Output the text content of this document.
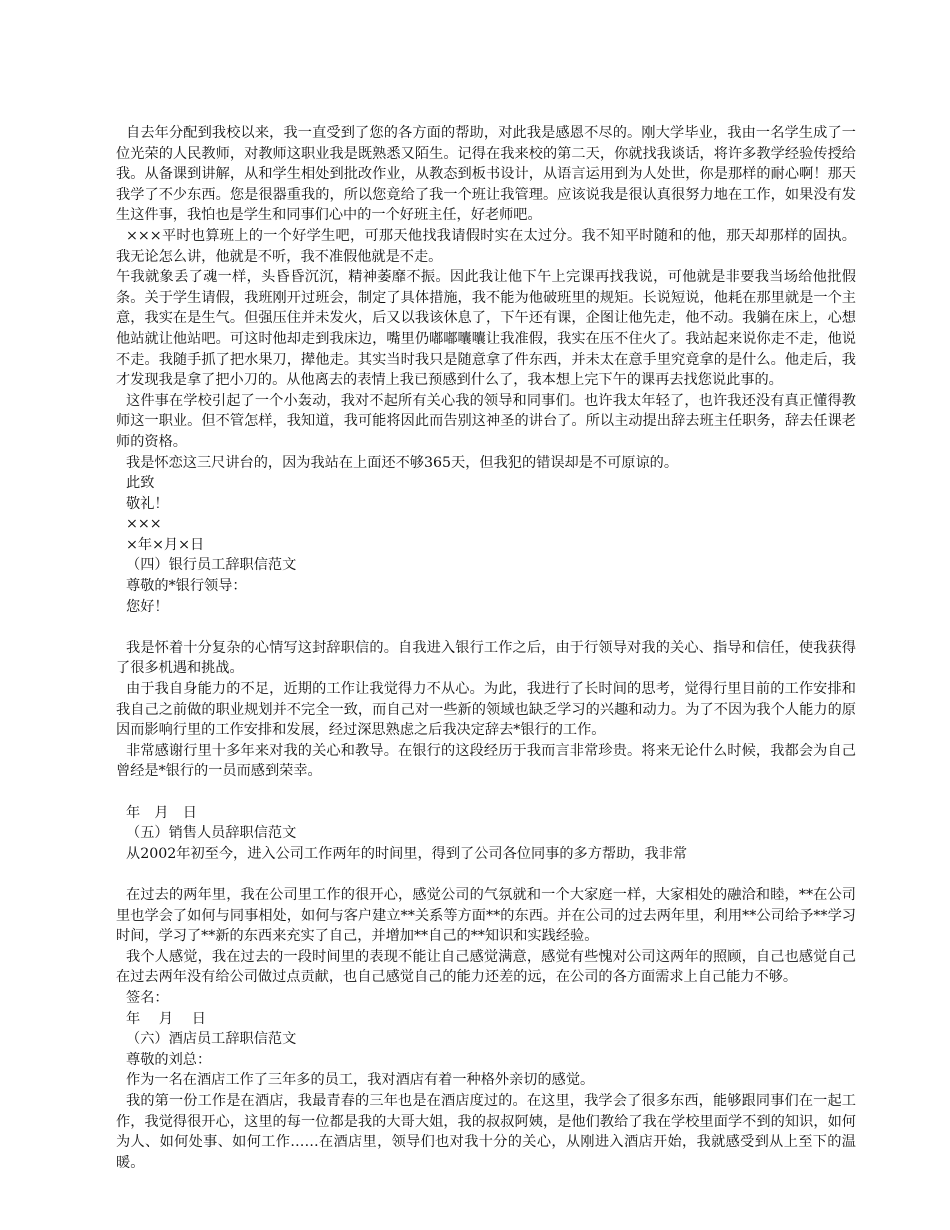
自去年分配到我校以来，我一直受到了您的各方面的帮助，对此我是感恩不尽的。刚大学毕业，我由一名学生成了一位光荣的人民教师，对教师这职业我是既熟悉又陌生。记得在我来校的第二天，你就找我谈话，将许多教学经验传授给我。从备课到讲解，从和学生相处到批改作业，从教态到板书设计，从语言运用到为人处世，你是那样的耐心啊！那天我学了不少东西。您是很器重我的，所以您竟给了我一个班让我管理。应该说我是很认真很努力地在工作，如果没有发生这件事，我怕也是学生和同事们心中的一个好班主任，好老师吧。

×××平时也算班上的一个好学生吧，可那天他找我请假时实在太过分。我不知平时随和的他，那天却那样的固执。我无论怎么讲，他就是不听，我不准假他就是不走。

午我就象丢了魂一样，头昏昏沉沉，精神萎靡不振。因此我让他下午上完课再找我说，可他就是非要我当场给他批假条。关于学生请假，我班刚开过班会，制定了具体措施，我不能为他破班里的规矩。长说短说，他耗在那里就是一个主意，我实在是生气。但强压住并未发火，后又以我该休息了，下午还有课，企图让他先走，他不动。我躺在床上，心想他站就让他站吧。可这时他却走到我床边，嘴里仍嘟嘟囔囔让我准假，我实在压不住火了。我站起来说你走不走，他说不走。我随手抓了把水果刀，撵他走。其实当时我只是随意拿了件东西，并未太在意手里究竟拿的是什么。他走后，我才发现我是拿了把小刀的。从他离去的表情上我已预感到什么了，我本想上完下午的课再去找您说此事的。

这件事在学校引起了一个小轰动，我对不起所有关心我的领导和同事们。也许我太年轻了，也许我还没有真正懂得教师这一职业。但不管怎样，我知道，我可能将因此而告别这神圣的讲台了。所以主动提出辞去班主任职务，辞去任课老师的资格。

我是怀恋这三尺讲台的，因为我站在上面还不够365天，但我犯的错误却是不可原谅的。

此致

敬礼！

×××

×年×月×日

（四）银行员工辞职信范文

尊敬的*银行领导：

您好！

我是怀着十分复杂的心情写这封辞职信的。自我进入银行工作之后，由于行领导对我的关心、指导和信任，使我获得了很多机遇和挑战。

由于我自身能力的不足，近期的工作让我觉得力不从心。为此，我进行了长时间的思考，觉得行里目前的工作安排和我自己之前做的职业规划并不完全一致，而自己对一些新的领域也缺乏学习的兴趣和动力。为了不因为我个人能力的原因而影响行里的工作安排和发展，经过深思熟虑之后我决定辞去*银行的工作。

非常感谢行里十多年来对我的关心和教导。在银行的这段经历于我而言非常珍贵。将来无论什么时候，我都会为自己曾经是*银行的一员而感到荣幸。

年　月　日

（五）销售人员辞职信范文

从2002年初至今，进入公司工作两年的时间里，得到了公司各位同事的多方帮助，我非常

在过去的两年里，我在公司里工作的很开心，感觉公司的气氛就和一个大家庭一样，大家相处的融洽和睦，**在公司里也学会了如何与同事相处，如何与客户建立**关系等方面**的东西。并在公司的过去两年里，利用**公司给予**学习时间，学习了**新的东西来充实了自己，并增加**自己的**知识和实践经验。

我个人感觉，我在过去的一段时间里的表现不能让自己感觉满意，感觉有些愧对公司这两年的照顾，自己也感觉自己在过去两年没有给公司做过点贡献，也自己感觉自己的能力还差的远，在公司的各方面需求上自己能力不够。

签名：

年　 月　 日

（六）酒店员工辞职信范文

尊敬的刘总：

作为一名在酒店工作了三年多的员工，我对酒店有着一种格外亲切的感觉。

我的第一份工作是在酒店，我最青春的三年也是在酒店度过的。在这里，我学会了很多东西，能够跟同事们在一起工作，我觉得很开心，这里的每一位都是我的大哥大姐，我的叔叔阿姨，是他们教给了我在学校里面学不到的知识，如何为人、如何处事、如何工作……在酒店里，领导们也对我十分的关心，从刚进入酒店开始，我就感受到从上至下的温暖。
